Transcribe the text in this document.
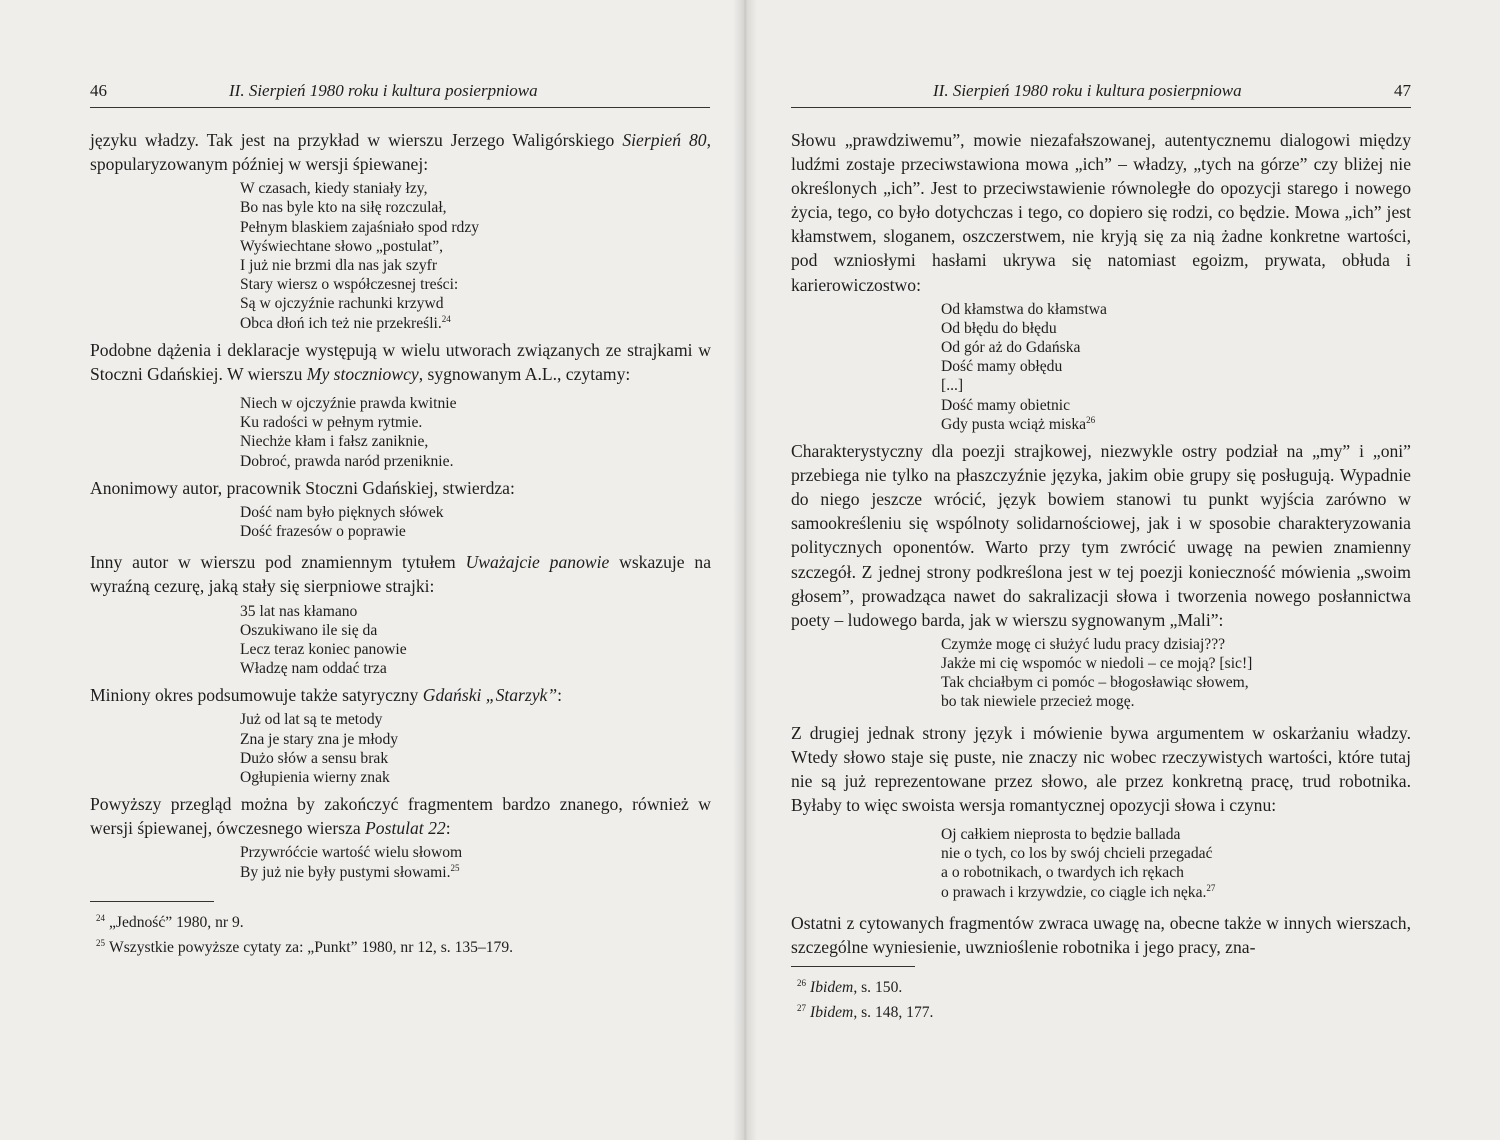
46	II. Sierpień 1980 roku i kultura posierpniowa

języku władzy. Tak jest na przykład w wierszu Jerzego Waligórskiego Sierpień 80, spopularyzowanym później w wersji śpiewanej:

W czasach, kiedy staniały łzy,
Bo nas byle kto na siłę rozczulał,
Pełnym blaskiem zajaśniało spod rdzy
Wyświechtane słowo „postulat”,
I już nie brzmi dla nas jak szyfr
Stary wiersz o współczesnej treści:
Są w ojczyźnie rachunki krzywd
Obca dłoń ich też nie przekreśli.$^{24}$

Podobne dążenia i deklaracje występują w wielu utworach związanych ze strajkami w Stoczni Gdańskiej. W wierszu My stoczniowcy, sygnowanym A.L., czytamy:

Niech w ojczyźnie prawda kwitnie
Ku radości w pełnym rytmie.
Niechże kłam i fałsz zaniknie,
Dobroć, prawda naród przeniknie.

Anonimowy autor, pracownik Stoczni Gdańskiej, stwierdza:

Dość nam było pięknych słówek
Dość frazesów o poprawie

Inny autor w wierszu pod znamiennym tytułem Uważajcie panowie wskazuje na wyraźną cezurę, jaką stały się sierpniowe strajki:

35 lat nas kłamano
Oszukiwano ile się da
Lecz teraz koniec panowie
Władzę nam oddać trza

Miniony okres podsumowuje także satyryczny Gdański „Starzyk”:

Już od lat są te metody
Zna je stary zna je młody
Dużo słów a sensu brak
Ogłupienia wierny znak

Powyższy przegląd można by zakończyć fragmentem bardzo znanego, również w wersji śpiewanej, ówczesnego wiersza Postulat 22:

Przywróćcie wartość wielu słowom
By już nie były pustymi słowami.$^{25}$
$^{24}$ „Jedność” 1980, nr 9.
$^{25}$ Wszystkie powyższe cytaty za: „Punkt” 1980, nr 12, s. 135–179.
II. Sierpień 1980 roku i kultura posierpniowa	47

Słowu „prawdziwemu”, mowie niezafałszowanej, autentycznemu dialogowi między ludźmi zostaje przeciwstawiona mowa „ich” – władzy, „tych na górze” czy bliżej nie określonych „ich”. Jest to przeciwstawienie równoległe do opozycji starego i nowego życia, tego, co było dotychczas i tego, co dopiero się rodzi, co będzie. Mowa „ich” jest kłamstwem, sloganem, oszczerstwem, nie kryją się za nią żadne konkretne wartości, pod wzniosłymi hasłami ukrywa się natomiast egoizm, prywata, obłuda i karierowiczostwo:

Od kłamstwa do kłamstwa
Od błędu do błędu
Od gór aż do Gdańska
Dość mamy obłędu
[...]
Dość mamy obietnic
Gdy pusta wciąż miska$^{26}$

Charakterystyczny dla poezji strajkowej, niezwykle ostry podział na „my” i „oni” przebiega nie tylko na płaszczyźnie języka, jakim obie grupy się posługują. Wypadnie do niego jeszcze wrócić, język bowiem stanowi tu punkt wyjścia zarówno w samookreśleniu się wspólnoty solidarnościowej, jak i w sposobie charakteryzowania politycznych oponentów. Warto przy tym zwrócić uwagę na pewien znamienny szczegół. Z jednej strony podkreślona jest w tej poezji konieczność mówienia „swoim głosem”, prowadząca nawet do sakralizacji słowa i tworzenia nowego posłannictwa poety – ludowego barda, jak w wierszu sygnowanym „Mali”:

Czymże mogę ci służyć ludu pracy dzisiaj???
Jakże mi cię wspomóc w niedoli – ce moją? [sic!]
Tak chciałbym ci pomóc – błogosławiąc słowem,
bo tak niewiele przecież mogę.

Z drugiej jednak strony język i mówienie bywa argumentem w oskarżaniu władzy. Wtedy słowo staje się puste, nie znaczy nic wobec rzeczywistych wartości, które tutaj nie są już reprezentowane przez słowo, ale przez konkretną pracę, trud robotnika. Byłaby to więc swoista wersja romantycznej opozycji słowa i czynu:

Oj całkiem nieprosta to będzie ballada
nie o tych, co los by swój chcieli przegadać
a o robotnikach, o twardych ich rękach
o prawach i krzywdzie, co ciągle ich nęka.$^{27}$

Ostatni z cytowanych fragmentów zwraca uwagę na, obecne także w innych wierszach, szczególne wyniesienie, uwznioślenie robotnika i jego pracy, zna-

$^{26}$ Ibidem, s. 150.
$^{27}$ Ibidem, s. 148, 177.
